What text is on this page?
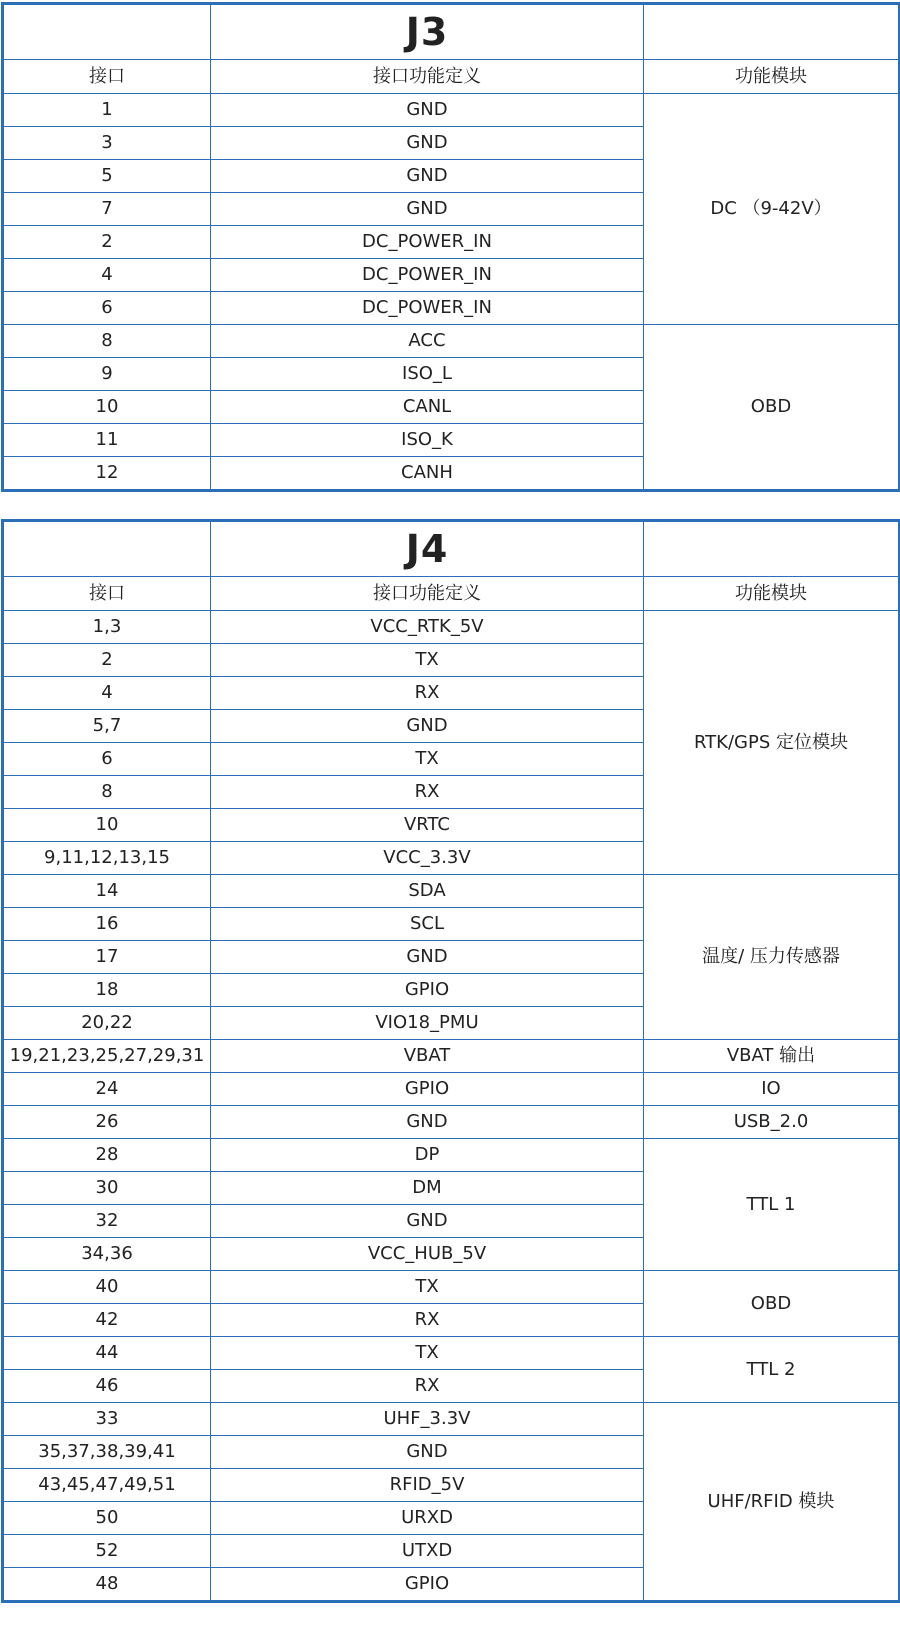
	J3	
接口	接口功能定义	功能模块
1	GND	DC （9-42V）
3	GND	
5	GND	
7	GND	
2	DC_POWER_IN	
4	DC_POWER_IN	
6	DC_POWER_IN	
8	ACC	OBD
9	ISO_L	
10	CANL	
11	ISO_K	
12	CANH	
	J4	
接口	接口功能定义	功能模块
1,3	VCC_RTK_5V	RTK/GPS 定位模块
2	TX	
4	RX	
5,7	GND	
6	TX	
8	RX	
10	VRTC	
9,11,12,13,15	VCC_3.3V	
14	SDA	温度/ 压力传感器
16	SCL	
17	GND	
18	GPIO	
20,22	VIO18_PMU	
19,21,23,25,27,29,31	VBAT	VBAT 输出
24	GPIO	IO
26	GND	USB_2.0
28	DP	TTL 1
30	DM	
32	GND	
34,36	VCC_HUB_5V	
40	TX	OBD
42	RX	
44	TX	TTL 2
46	RX	
33	UHF_3.3V	UHF/RFID 模块
35,37,38,39,41	GND	
43,45,47,49,51	RFID_5V	
50	URXD	
52	UTXD	
48	GPIO	
